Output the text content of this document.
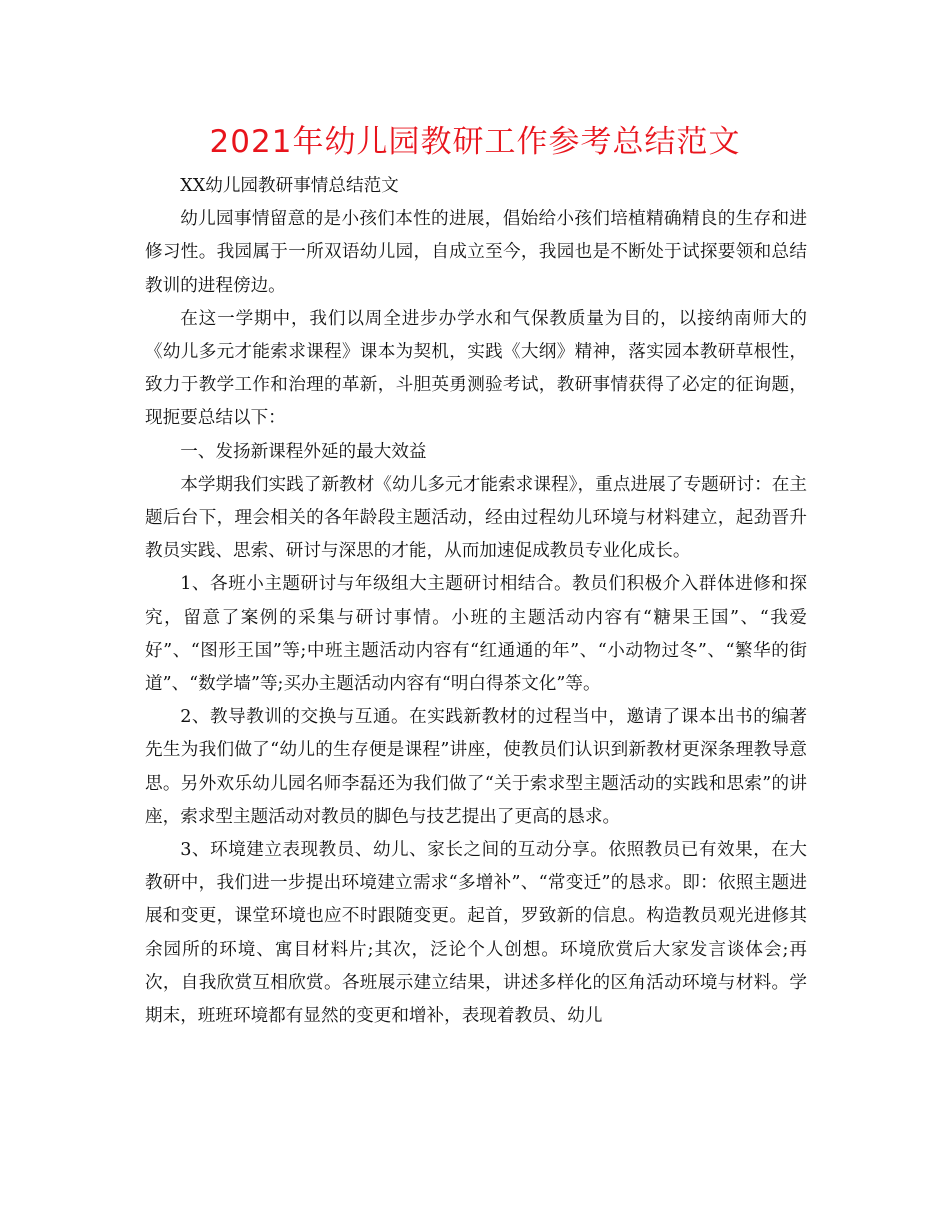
2021年幼儿园教研工作参考总结范文

XX幼儿园教研事情总结范文

幼儿园事情留意的是小孩们本性的进展，倡始给小孩们培植精确精良的生存和进修习性。我园属于一所双语幼儿园，自成立至今，我园也是不断处于试探要领和总结教训的进程傍边。

在这一学期中，我们以周全进步办学水和气保教质量为目的，以接纳南师大的《幼儿多元才能索求课程》课本为契机，实践《大纲》精神，落实园本教研草根性，致力于教学工作和治理的革新，斗胆英勇测验考试，教研事情获得了必定的征询题，现扼要总结以下：

一、发扬新课程外延的最大效益

本学期我们实践了新教材《幼儿多元才能索求课程》，重点进展了专题研讨：在主题后台下，理会相关的各年龄段主题活动，经由过程幼儿环境与材料建立，起劲晋升教员实践、思索、研讨与深思的才能，从而加速促成教员专业化成长。

1、各班小主题研讨与年级组大主题研讨相结合。教员们积极介入群体进修和探究，留意了案例的采集与研讨事情。小班的主题活动内容有“糖果王国”、“我爱好”、“图形王国”等;中班主题活动内容有“红通通的年”、“小动物过冬”、“繁华的街道”、“数学墙”等;买办主题活动内容有“明白得茶文化”等。

2、教导教训的交换与互通。在实践新教材的过程当中，邀请了课本出书的编著先生为我们做了“幼儿的生存便是课程”讲座，使教员们认识到新教材更深条理教导意思。另外欢乐幼儿园名师李磊还为我们做了“关于索求型主题活动的实践和思索”的讲座，索求型主题活动对教员的脚色与技艺提出了更高的恳求。

3、环境建立表现教员、幼儿、家长之间的互动分享。依照教员已有效果，在大教研中，我们进一步提出环境建立需求“多增补”、“常变迁”的恳求。即：依照主题进展和变更，课堂环境也应不时跟随变更。起首，罗致新的信息。构造教员观光进修其余园所的环境、寓目材料片;其次，泛论个人创想。环境欣赏后大家发言谈体会;再次，自我欣赏互相欣赏。各班展示建立结果，讲述多样化的区角活动环境与材料。学期末，班班环境都有显然的变更和增补，表现着教员、幼儿
